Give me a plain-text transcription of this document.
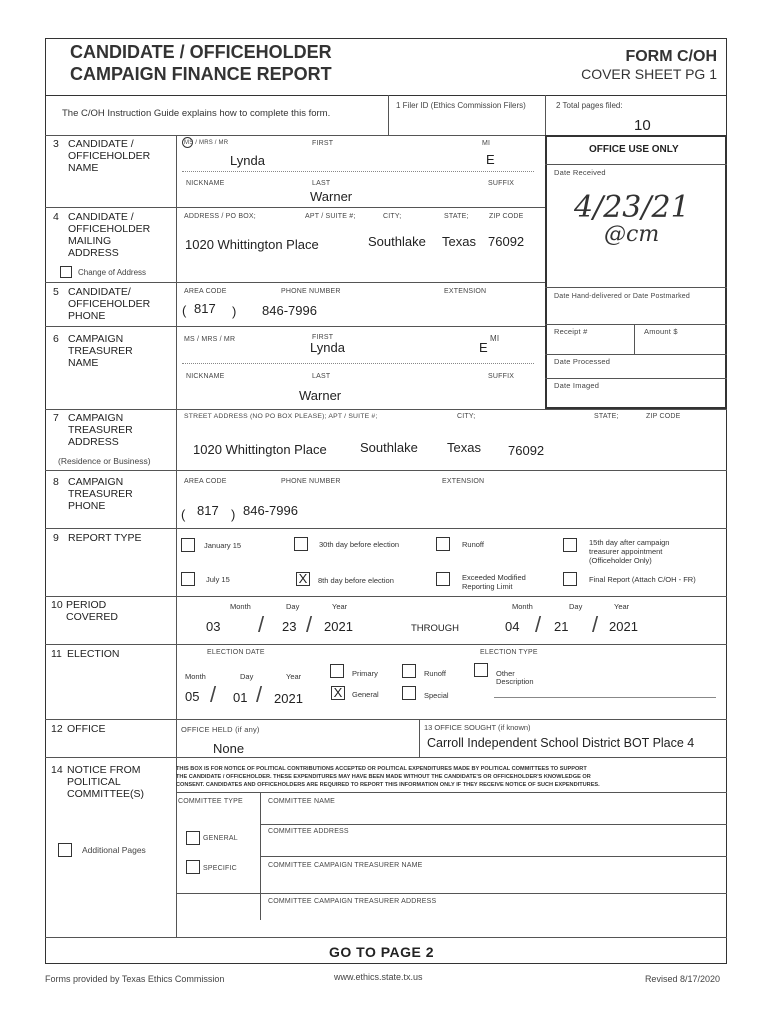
CANDIDATE / OFFICEHOLDER
CAMPAIGN FINANCE REPORT
FORM C/OH
COVER SHEET PG 1
The C/OH Instruction Guide explains how to complete this form.
1 Filer ID (Ethics Commission Filers)	2 Total pages filed:
10
OFFICE USE ONLY
Date Received
4/23/21
@cm
Date Hand-delivered or Date Postmarked
Receipt #	Amount $
Date Processed
Date Imaged
3 CANDIDATE /
OFFICEHOLDER
NAME
MS / MRS / MR	FIRST	MI
Lynda	E
NICKNAME	LAST	SUFFIX
Warner
4 CANDIDATE /
OFFICEHOLDER
MAILING
ADDRESS
Change of Address
ADDRESS / PO BOX;	APT / SUITE #;	CITY;	STATE;	ZIP CODE
1020 Whittington Place	Southlake Texas 76092
5 CANDIDATE/
OFFICEHOLDER
PHONE
AREA CODE	PHONE NUMBER	EXTENSION
( 817 ) 846-7996
6 CAMPAIGN
TREASURER
NAME
MS / MRS / MR	FIRST	MI
Lynda	E
NICKNAME	LAST	SUFFIX
Warner
7 CAMPAIGN
TREASURER
ADDRESS
(Residence or Business)
STREET ADDRESS (NO PO BOX PLEASE); APT / SUITE #;	CITY;	STATE;	ZIP CODE
1020 Whittington Place	Southlake Texas 76092
8 CAMPAIGN
TREASURER
PHONE
AREA CODE	PHONE NUMBER	EXTENSION
( 817 ) 846-7996
9 REPORT TYPE
January 15	30th day before election	Runoff	15th day after campaign
treasurer appointment
(Officeholder Only)
July 15	X	8th day before election	Exceeded Modified
Reporting Limit
Final Report (Attach C/OH - FR)
10 PERIOD
COVERED
Month	Day	Year
03 / 23 / 2021	THROUGH
Month	Day	Year
04 / 21 / 2021
11 ELECTION	ELECTION DATE	ELECTION TYPE
Month	Day	Year
05 / 01 / 2021
Primary	Runoff	Other
Description
X	General	Special
12 OFFICE	OFFICE HELD (if any)
None
13 OFFICE SOUGHT (if known)
Carroll Independent School District BOT Place 4
14 NOTICE FROM
POLITICAL
COMMITTEE(S)
THIS BOX IS FOR NOTICE OF POLITICAL CONTRIBUTIONS ACCEPTED OR POLITICAL EXPENDITURES MADE BY POLITICAL COMMITTEES TO SUPPORT
THE CANDIDATE / OFFICEHOLDER. THESE EXPENDITURES MAY HAVE BEEN MADE WITHOUT THE CANDIDATE'S OR OFFICEHOLDER'S KNOWLEDGE OR
CONSENT. CANDIDATES AND OFFICEHOLDERS ARE REQUIRED TO REPORT THIS INFORMATION ONLY IF THEY RECEIVE NOTICE OF SUCH EXPENDITURES.
COMMITTEE TYPE	COMMITTEE NAME
COMMITTEE ADDRESS
GENERAL
SPECIFIC	COMMITTEE CAMPAIGN TREASURER NAME
COMMITTEE CAMPAIGN TREASURER ADDRESS
Additional Pages
GO TO PAGE 2
Forms provided by Texas Ethics Commission	www.ethics.state.tx.us	Revised 8/17/2020
